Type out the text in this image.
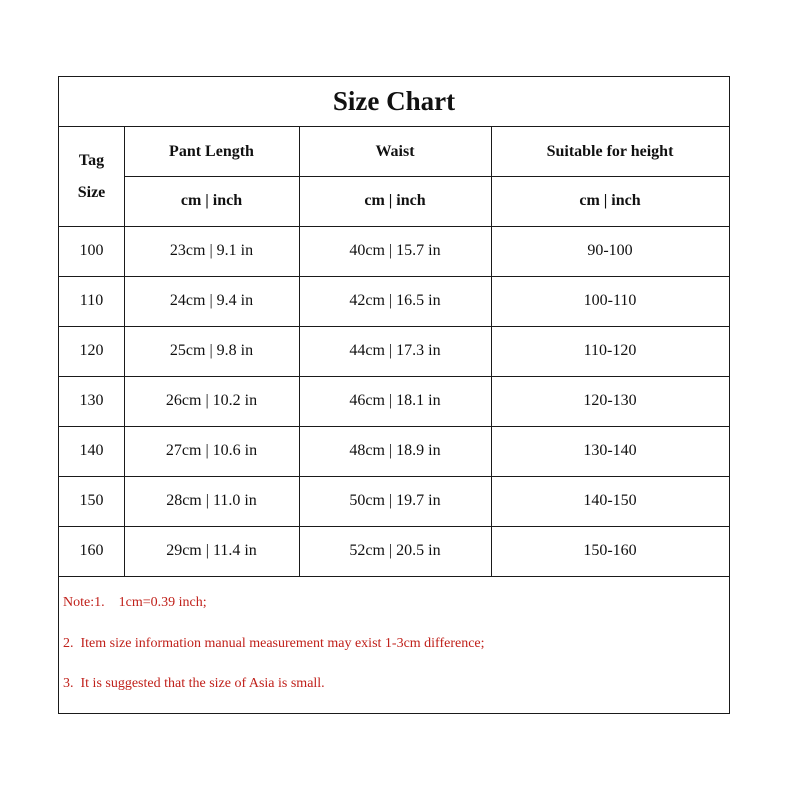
Size Chart
Tag
Size
Pant Length	Waist	Suitable for height
cm | inch	cm | inch	cm | inch
100	23cm | 9.1 in	40cm | 15.7 in	90-100
110	24cm | 9.4 in	42cm | 16.5 in	100-110
120	25cm | 9.8 in	44cm | 17.3 in	110-120
130	26cm | 10.2 in	46cm | 18.1 in	120-130
140	27cm | 10.6 in	48cm | 18.9 in	130-140
150	28cm | 11.0 in	50cm | 19.7 in	140-150
160	29cm | 11.4 in	52cm | 20.5 in	150-160
Note:1.    1cm=0.39 inch;
2.  Item size information manual measurement may exist 1-3cm difference;
3.  It is suggested that the size of Asia is small.
